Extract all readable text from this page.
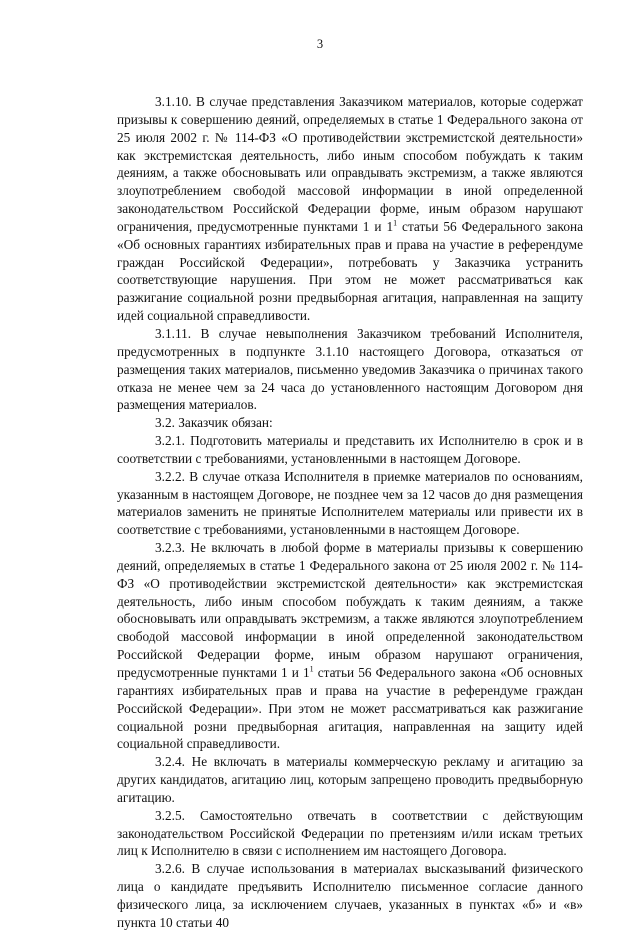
3

3.1.10. В случае представления Заказчиком материалов, которые содержат призывы к совершению деяний, определяемых в статье 1 Федерального закона от 25 июля 2002 г. № 114-ФЗ «О противодействии экстремистской деятельности» как экстремистская деятельность, либо иным способом побуждать к таким деяниям, а также обосновывать или оправдывать экстремизм, а также являются злоупотреблением свободой массовой информации в иной определенной законодательством Российской Федерации форме, иным образом нарушают ограничения, предусмотренные пунктами 1 и $1^1$ статьи 56 Федерального закона «Об основных гарантиях избирательных прав и права на участие в референдуме граждан Российской Федерации», потребовать у Заказчика устранить соответствующие нарушения. При этом не может рассматриваться как разжигание социальной розни предвыборная агитация, направленная на защиту идей социальной справедливости.

3.1.11. В случае невыполнения Заказчиком требований Исполнителя, предусмотренных в подпункте 3.1.10 настоящего Договора, отказаться от размещения таких материалов, письменно уведомив Заказчика о причинах такого отказа не менее чем за 24 часа до установленного настоящим Договором дня размещения материалов.

3.2. Заказчик обязан:

3.2.1. Подготовить материалы и представить их Исполнителю в срок и в соответствии с требованиями, установленными в настоящем Договоре.

3.2.2. В случае отказа Исполнителя в приемке материалов по основаниям, указанным в настоящем Договоре, не позднее чем за 12 часов до дня размещения материалов заменить не принятые Исполнителем материалы или привести их в соответствие с требованиями, установленными в настоящем Договоре.

3.2.3. Не включать в любой форме в материалы призывы к совершению деяний, определяемых в статье 1 Федерального закона от 25 июля 2002 г. № 114-ФЗ «О противодействии экстремистской деятельности» как экстремистская деятельность, либо иным способом побуждать к таким деяниям, а также обосновывать или оправдывать экстремизм, а также являются злоупотреблением свободой массовой информации в иной определенной законодательством Российской Федерации форме, иным образом нарушают ограничения, предусмотренные пунктами 1 и $1^1$ статьи 56 Федерального закона «Об основных гарантиях избирательных прав и права на участие в референдуме граждан Российской Федерации». При этом не может рассматриваться как разжигание социальной розни предвыборная агитация, направленная на защиту идей социальной справедливости.

3.2.4. Не включать в материалы коммерческую рекламу и агитацию за других кандидатов, агитацию лиц, которым запрещено проводить предвыборную агитацию.

3.2.5. Самостоятельно отвечать в соответствии с действующим законодательством Российской Федерации по претензиям и/или искам третьих лиц к Исполнителю в связи с исполнением им настоящего Договора.

3.2.6. В случае использования в материалах высказываний физического лица о кандидате предъявить Исполнителю письменное согласие данного физического лица, за исключением случаев, указанных в пунктах «б» и «в» пункта 10 статьи 40
